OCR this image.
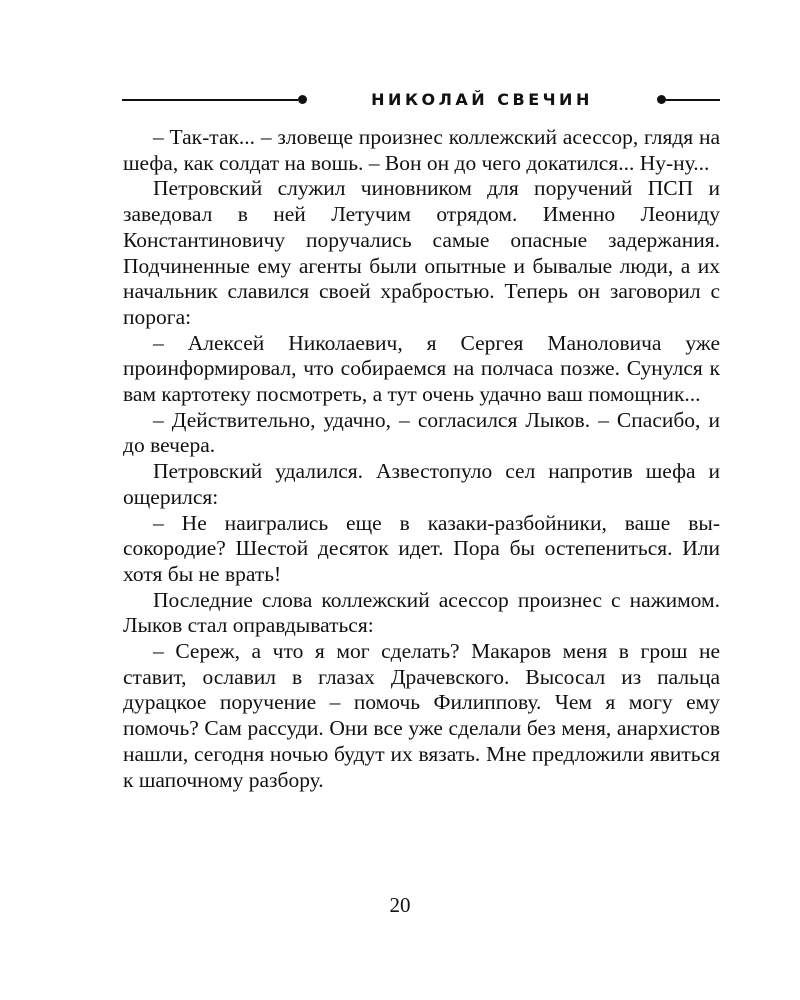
НИКОЛАЙ СВЕЧИН

– Так-так... – зловеще произнес коллежский асессор, глядя на шефа, как солдат на вошь. – Вон он до чего докатился... Ну-ну...

Петровский служил чиновником для поручений ПСП и заведовал в ней Летучим отрядом. Именно Леониду Константиновичу поручались самые опасные задержания. Подчиненные ему агенты были опытные и бывалые люди, а их начальник славился своей храбростью. Теперь он заговорил с порога:

– Алексей Николаевич, я Сергея Маноловича уже проинформировал, что собираемся на полчаса позже. Сунулся к вам картотеку посмотреть, а тут очень удачно ваш помощник...

– Действительно, удачно, – согласился Лыков. – Спасибо, и до вечера.

Петровский удалился. Азвестопуло сел напротив шефа и ощерился:

– Не наигрались еще в казаки-разбойники, ваше высокородие? Шестой десяток идет. Пора бы остепениться. Или хотя бы не врать!

Последние слова коллежский асессор произнес с нажимом. Лыков стал оправдываться:

– Сереж, а что я мог сделать? Макаров меня в грош не ставит, ославил в глазах Драчевского. Высосал из пальца дурацкое поручение – помочь Филиппову. Чем я могу ему помочь? Сам рассуди. Они все уже сделали без меня, анархистов нашли, сегодня ночью будут их вязать. Мне предложили явиться к шапочному разбору.

20
